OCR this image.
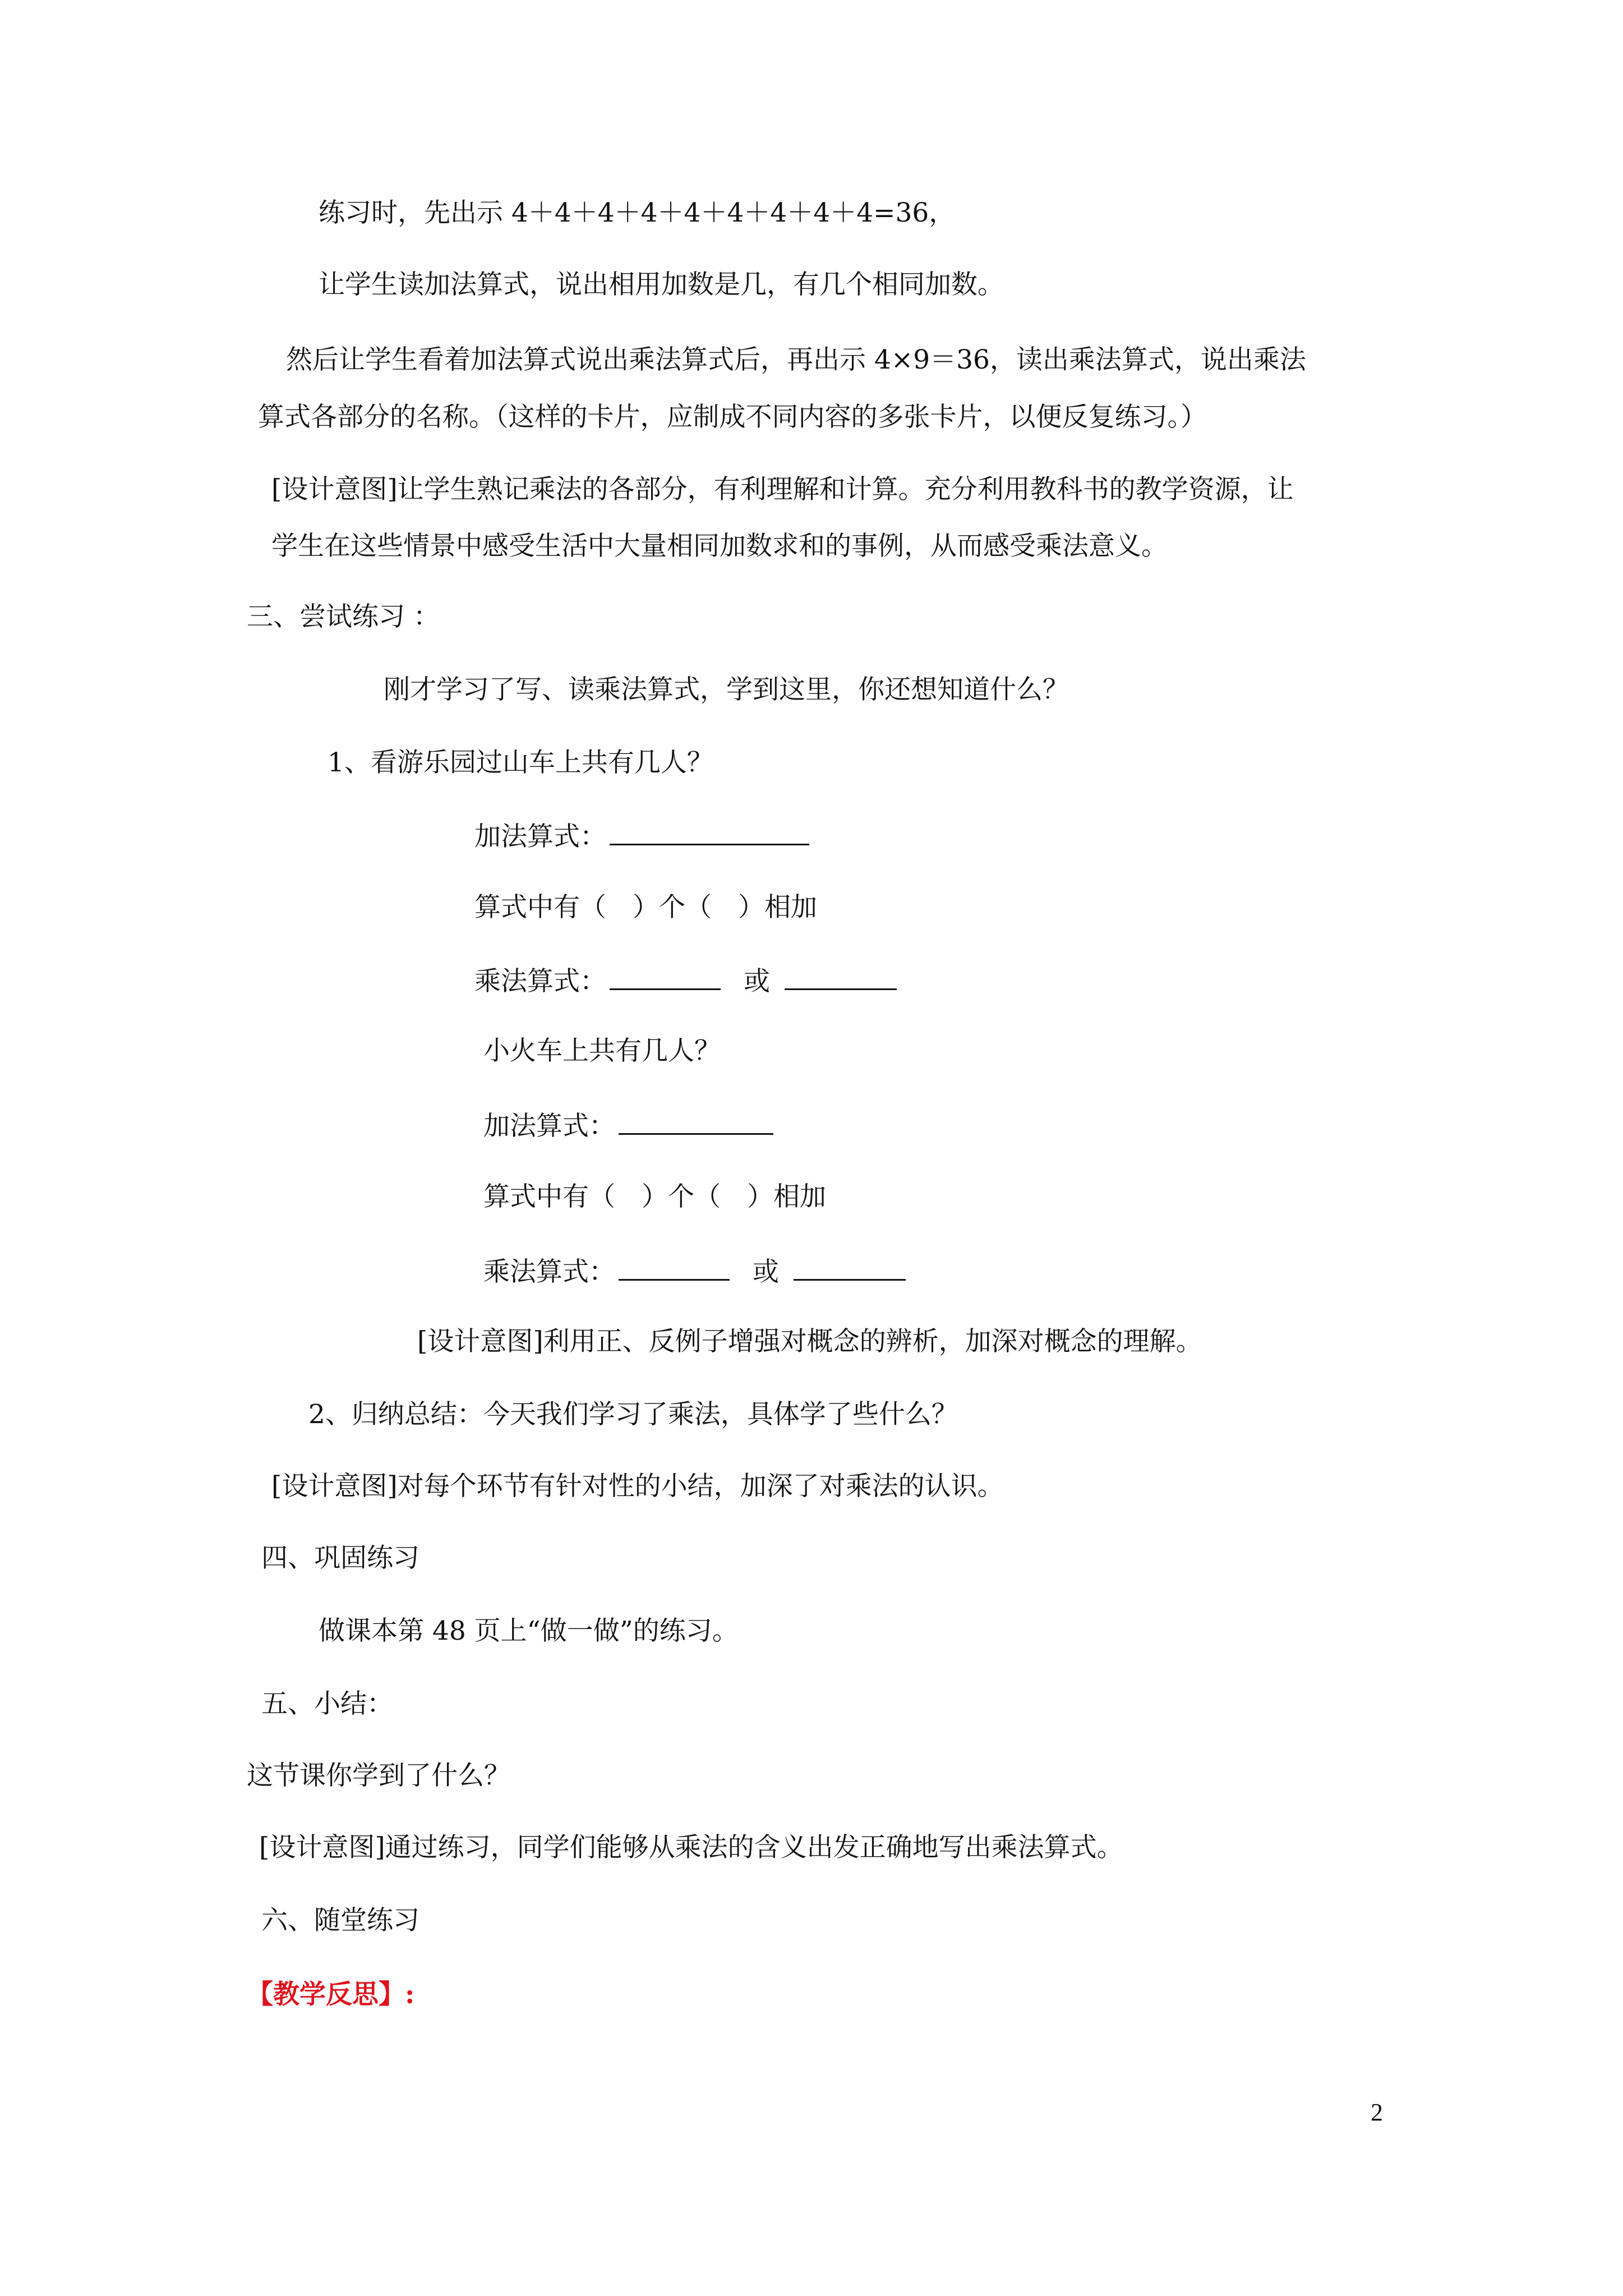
练习时，先出示 4＋4＋4＋4＋4＋4＋4＋4＋4=36，
让学生读加法算式，说出相用加数是几，有几个相同加数。
然后让学生看着加法算式说出乘法算式后，再出示 4×9＝36，读出乘法算式，说出乘法
算式各部分的名称。（这样的卡片，应制成不同内容的多张卡片，以便反复练习。）
[设计意图]让学生熟记乘法的各部分，有利理解和计算。充分利用教科书的教学资源，让
学生在这些情景中感受生活中大量相同加数求和的事例，从而感受乘法意义。
三、尝试练习 ：
刚才学习了写、读乘法算式，学到这里，你还想知道什么？
1、看游乐园过山车上共有几人？
加法算式：
算式中有（　）个（　）相加
乘法算式：	或
小火车上共有几人？
加法算式：
算式中有（　）个（　）相加
乘法算式：	或
[设计意图]利用正、反例子增强对概念的辨析，加深对概念的理解。
2、归纳总结：今天我们学习了乘法，具体学了些什么？
[设计意图]对每个环节有针对性的小结，加深了对乘法的认识。
四、巩固练习
做课本第 48 页上“做一做”的练习。
五、小结：
这节课你学到了什么？
[设计意图]通过练习，同学们能够从乘法的含义出发正确地写出乘法算式。
六、随堂练习
【教学反思】:
2
